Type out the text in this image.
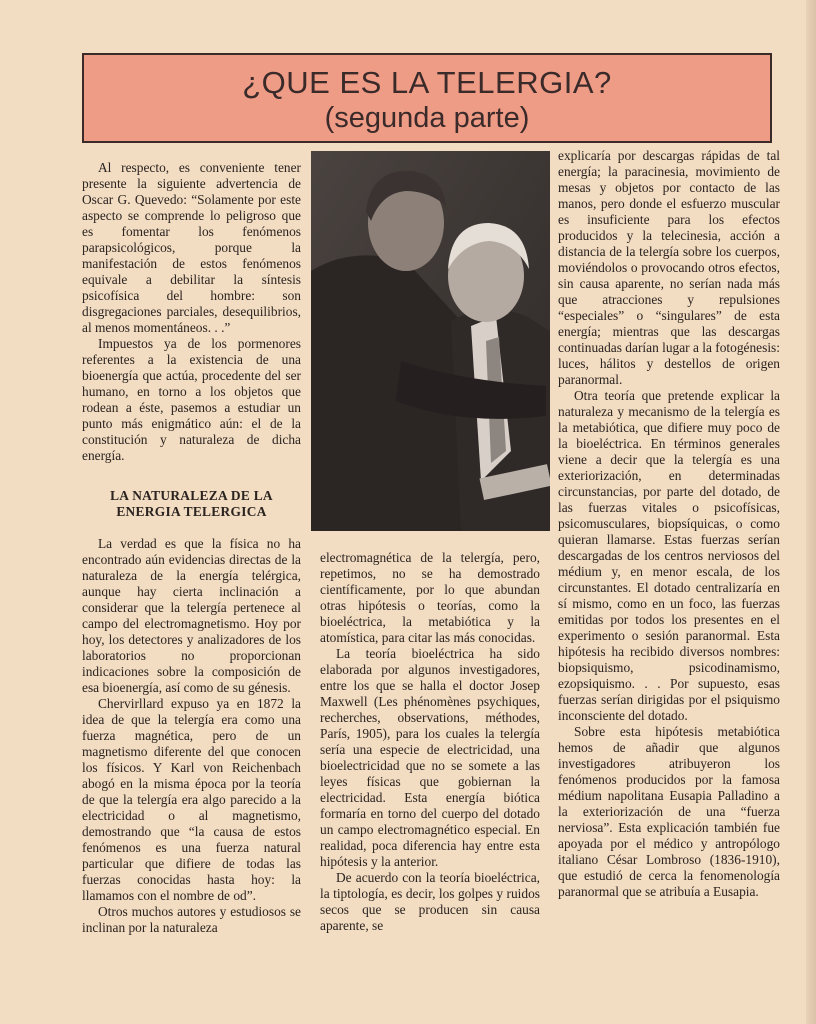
¿QUE ES LA TELERGIA?
(segunda parte)

Al respecto, es conveniente tener presente la siguiente advertencia de Oscar G. Quevedo: “Solamente por este aspecto se comprende lo peligroso que es fomentar los fenómenos parapsicológicos, porque la manifestación de estos fenómenos equivale a debilitar la síntesis psicofísica del hombre: son disgregaciones parciales, desequilibrios, al menos momentáneos. . .”

Impuestos ya de los pormenores referentes a la existencia de una bioenergía que actúa, procedente del ser humano, en torno a los objetos que rodean a éste, pasemos a estudiar un punto más enigmático aún: el de la constitución y naturaleza de dicha energía.

LA NATURALEZA DE LA ENERGIA TELERGICA

La verdad es que la física no ha encontrado aún evidencias directas de la naturaleza de la energía telérgica, aunque hay cierta inclinación a considerar que la telergía pertenece al campo del electromagnetismo. Hoy por hoy, los detectores y analizadores de los laboratorios no proporcionan indicaciones sobre la composición de esa bioenergía, así como de su génesis.

Chervirllard expuso ya en 1872 la idea de que la telergía era como una fuerza magnética, pero de un magnetismo diferente del que conocen los físicos. Y Karl von Reichenbach abogó en la misma época por la teoría de que la telergía era algo parecido a la electricidad o al magnetismo, demostrando que “la causa de estos fenómenos es una fuerza natural particular que difiere de todas las fuerzas conocidas hasta hoy: la llamamos con el nombre de od”.

Otros muchos autores y estudiosos se inclinan por la naturaleza

electromagnética de la telergía, pero, repetimos, no se ha demostrado científicamente, por lo que abundan otras hipótesis o teorías, como la bioeléctrica, la metabiótica y la atomística, para citar las más conocidas.

La teoría bioeléctrica ha sido elaborada por algunos investigadores, entre los que se halla el doctor Josep Maxwell (Les phénomènes psychiques, recherches, observations, méthodes, París, 1905), para los cuales la telergía sería una especie de electricidad, una bioelectricidad que no se somete a las leyes físicas que gobiernan la electricidad. Esta energía biótica formaría en torno del cuerpo del dotado un campo electromagnético especial. En realidad, poca diferencia hay entre esta hipótesis y la anterior.

De acuerdo con la teoría bioeléctrica, la tiptología, es decir, los golpes y ruidos secos que se producen sin causa aparente, se

explicaría por descargas rápidas de tal energía; la paracinesia, movimiento de mesas y objetos por contacto de las manos, pero donde el esfuerzo muscular es insuficiente para los efectos producidos y la telecinesia, acción a distancia de la telergía sobre los cuerpos, moviéndolos o provocando otros efectos, sin causa aparente, no serían nada más que atracciones y repulsiones “especiales” o “singulares” de esta energía; mientras que las descargas continuadas darían lugar a la fotogénesis: luces, hálitos y destellos de origen paranormal.

Otra teoría que pretende explicar la naturaleza y mecanismo de la telergía es la metabiótica, que difiere muy poco de la bioeléctrica. En términos generales viene a decir que la telergía es una exteriorización, en determinadas circunstancias, por parte del dotado, de las fuerzas vitales o psicofísicas, psicomusculares, biopsíquicas, o como quieran llamarse. Estas fuerzas serían descargadas de los centros nerviosos del médium y, en menor escala, de los circunstantes. El dotado centralizaría en sí mismo, como en un foco, las fuerzas emitidas por todos los presentes en el experimento o sesión paranormal. Esta hipótesis ha recibido diversos nombres: biopsiquismo, psicodinamismo, ezopsiquismo. . . Por supuesto, esas fuerzas serían dirigidas por el psiquismo inconsciente del dotado.

Sobre esta hipótesis metabiótica hemos de añadir que algunos investigadores atribuyeron los fenómenos producidos por la famosa médium napolitana Eusapia Palladino a la exteriorización de una “fuerza nerviosa”. Esta explicación también fue apoyada por el médico y antropólogo italiano César Lombroso (1836-1910), que estudió de cerca la fenomenología paranormal que se atribuía a Eusapia.
